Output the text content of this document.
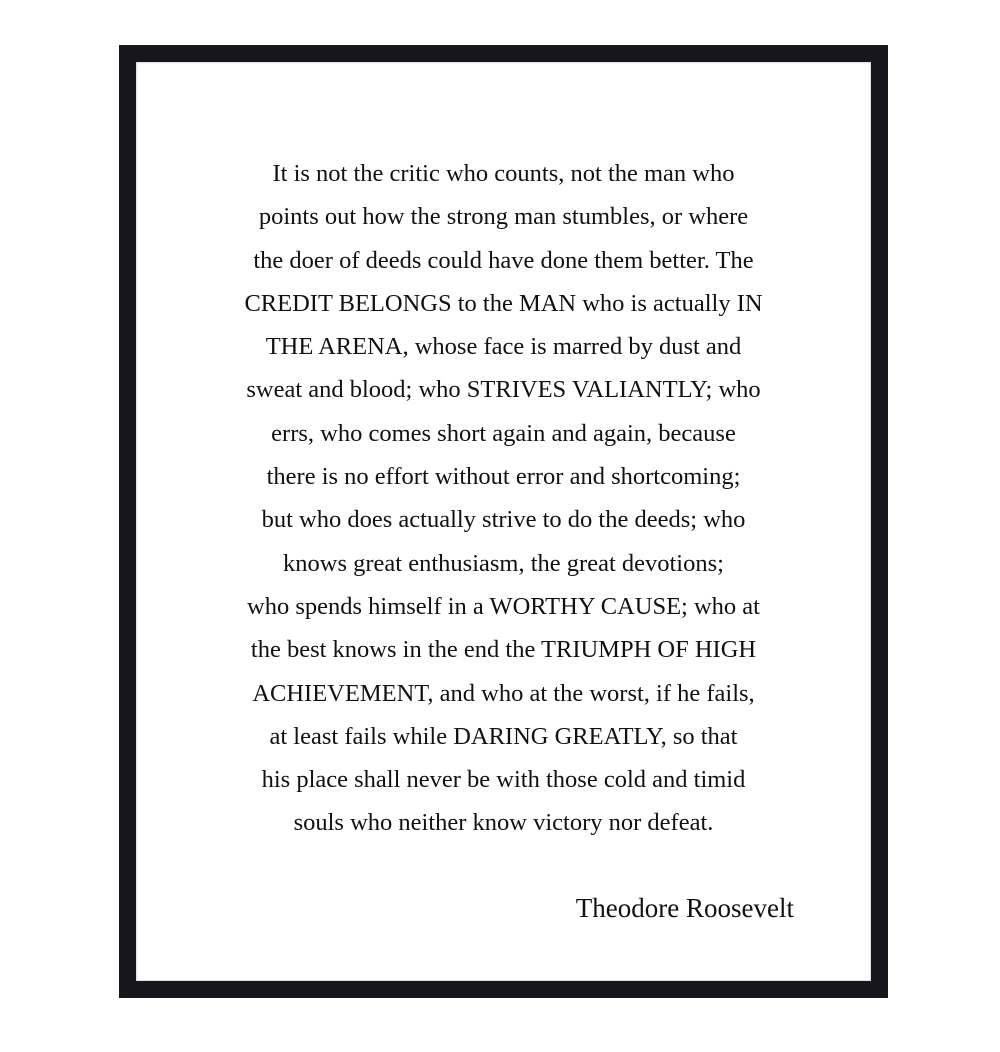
It is not the critic who counts, not the man who
points out how the strong man stumbles, or where
the doer of deeds could have done them better. The
CREDIT BELONGS to the MAN who is actually IN
THE ARENA, whose face is marred by dust and
sweat and blood; who STRIVES VALIANTLY; who
errs, who comes short again and again, because
there is no effort without error and shortcoming;
but who does actually strive to do the deeds; who
knows great enthusiasm, the great devotions;
who spends himself in a WORTHY CAUSE; who at
the best knows in the end the TRIUMPH OF HIGH
ACHIEVEMENT, and who at the worst, if he fails,
at least fails while DARING GREATLY, so that
his place shall never be with those cold and timid
souls who neither know victory nor defeat.
Theodore Roosevelt
